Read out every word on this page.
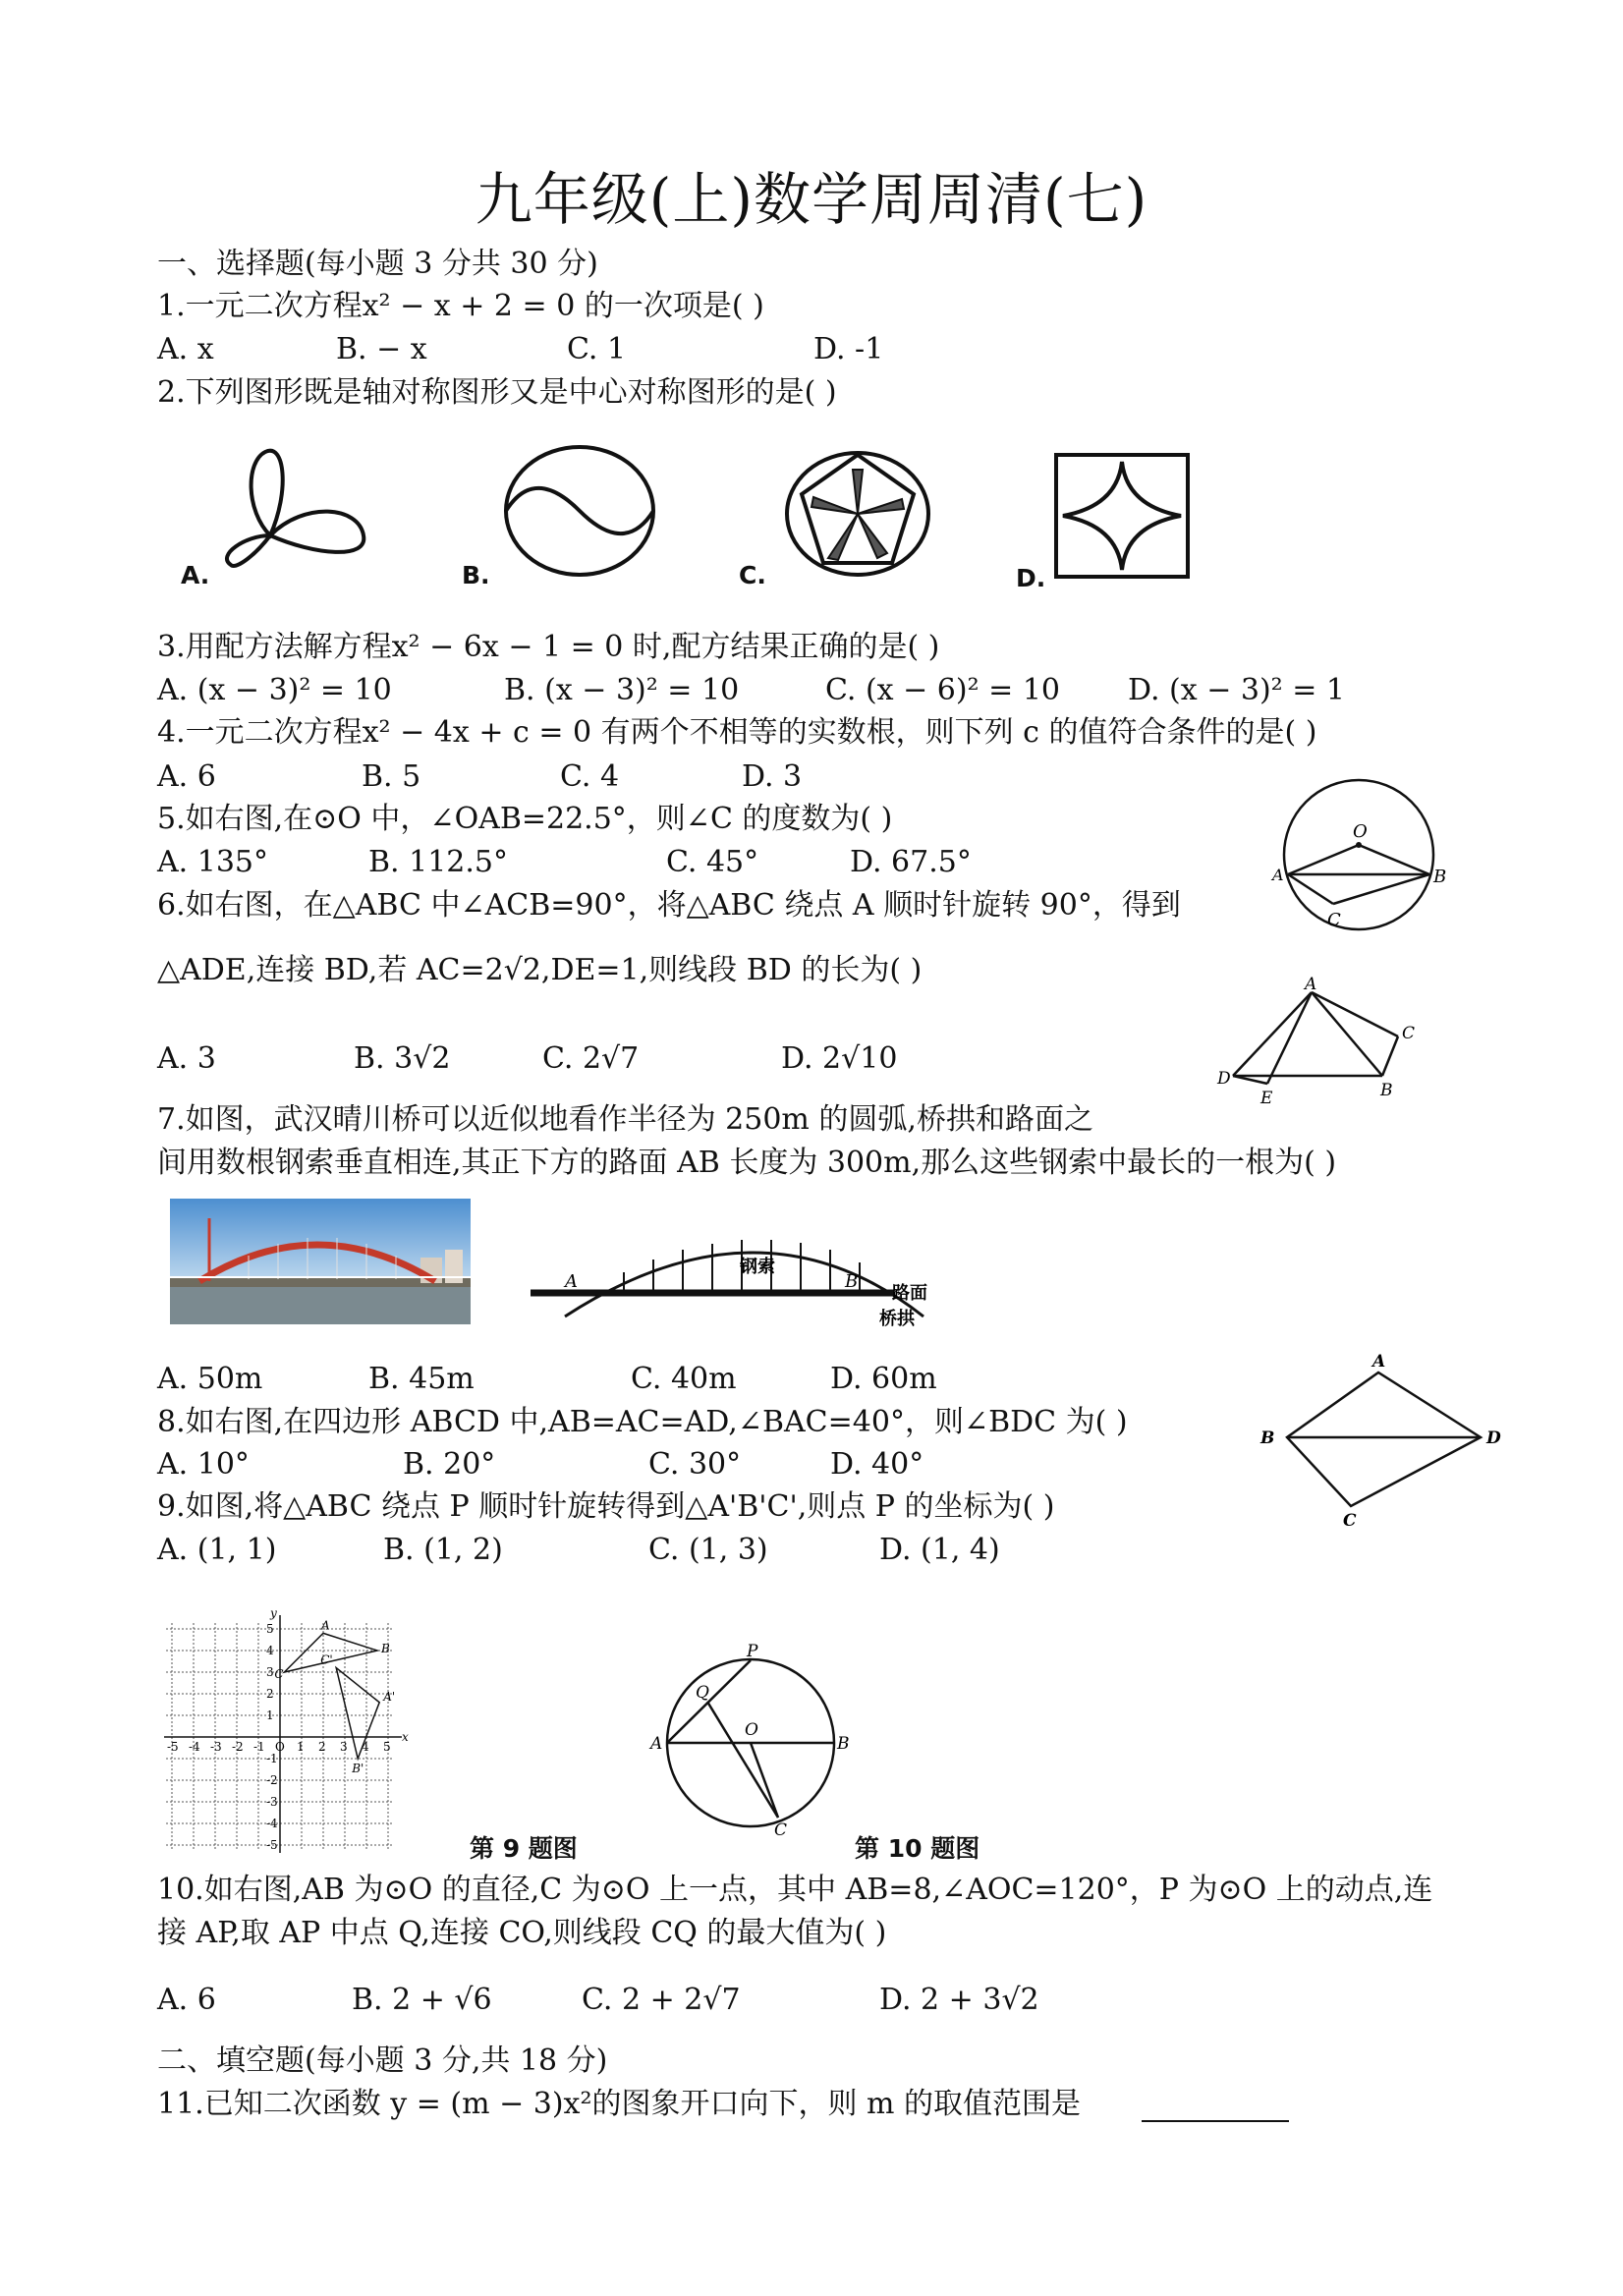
九年级(上)数学周周清(七)
一、选择题(每小题 3 分共 30 分)
1.一元二次方程x² − x + 2 = 0 的一次项是( )
A. x	B. − x	C. 1	D. -1
2.下列图形既是轴对称图形又是中心对称图形的是( )
A.	B.	C.	D.
3.用配方法解方程x² − 6x − 1 = 0 时,配方结果正确的是( )
A. (x − 3)² = 10	B. (x − 3)² = 10	C. (x − 6)² = 10 D. (x − 3)² = 1
4.一元二次方程x² − 4x + c = 0 有两个不相等的实数根，则下列 c 的值符合条件的是( )
A. 6	B. 5	C. 4	D. 3
5.如右图,在⊙O 中，∠OAB=22.5°，则∠C 的度数为( )
A. 135°	B. 112.5°	C. 45°	D. 67.5°
O
A	B
C
6.如右图，在△ABC 中∠ACB=90°，将△ABC 绕点 A 顺时针旋转 90°，得到
△ADE,连接 BD,若 AC=2√2,DE=1,则线段 BD 的长为( )
A. 3	B. 3√2	C. 2√7	D. 2√10
A
C
D
E	B
7.如图，武汉晴川桥可以近似地看作半径为 250m 的圆弧,桥拱和路面之
间用数根钢索垂直相连,其正下方的路面 AB 长度为 300m,那么这些钢索中最长的一根为( )
A	B
钢索
路面
桥拱
A. 50m	B. 45m	C. 40m	D. 60m
8.如右图,在四边形 ABCD 中,AB=AC=AD,∠BAC=40°，则∠BDC 为( )
A. 10°	B. 20°	C. 30°	D. 40°
A
B
C
D
9.如图,将△ABC 绕点 P 顺时针旋转得到△A'B'C',则点 P 的坐标为( )
A. (1, 1)	B. (1, 2)	C. (1, 3)	D. (1, 4)
x
y
-5 -4 -3 -2 -1 O 1 2 3 4 5
5
4
3
2
1
-1
-2
-3
-4
-5
A
B
C
A'
B'
C'
第 9 题图
P
Q
O
A	B
C
第 10 题图
10.如右图,AB 为⊙O 的直径,C 为⊙O 上一点，其中 AB=8,∠AOC=120°，P 为⊙O 上的动点,连
接 AP,取 AP 中点 Q,连接 CO,则线段 CQ 的最大值为( )
A. 6	B. 2 + √6	C. 2 + 2√7	D. 2 + 3√2
二、填空题(每小题 3 分,共 18 分)
11.已知二次函数 y = (m − 3)x²的图象开口向下，则 m 的取值范围是
